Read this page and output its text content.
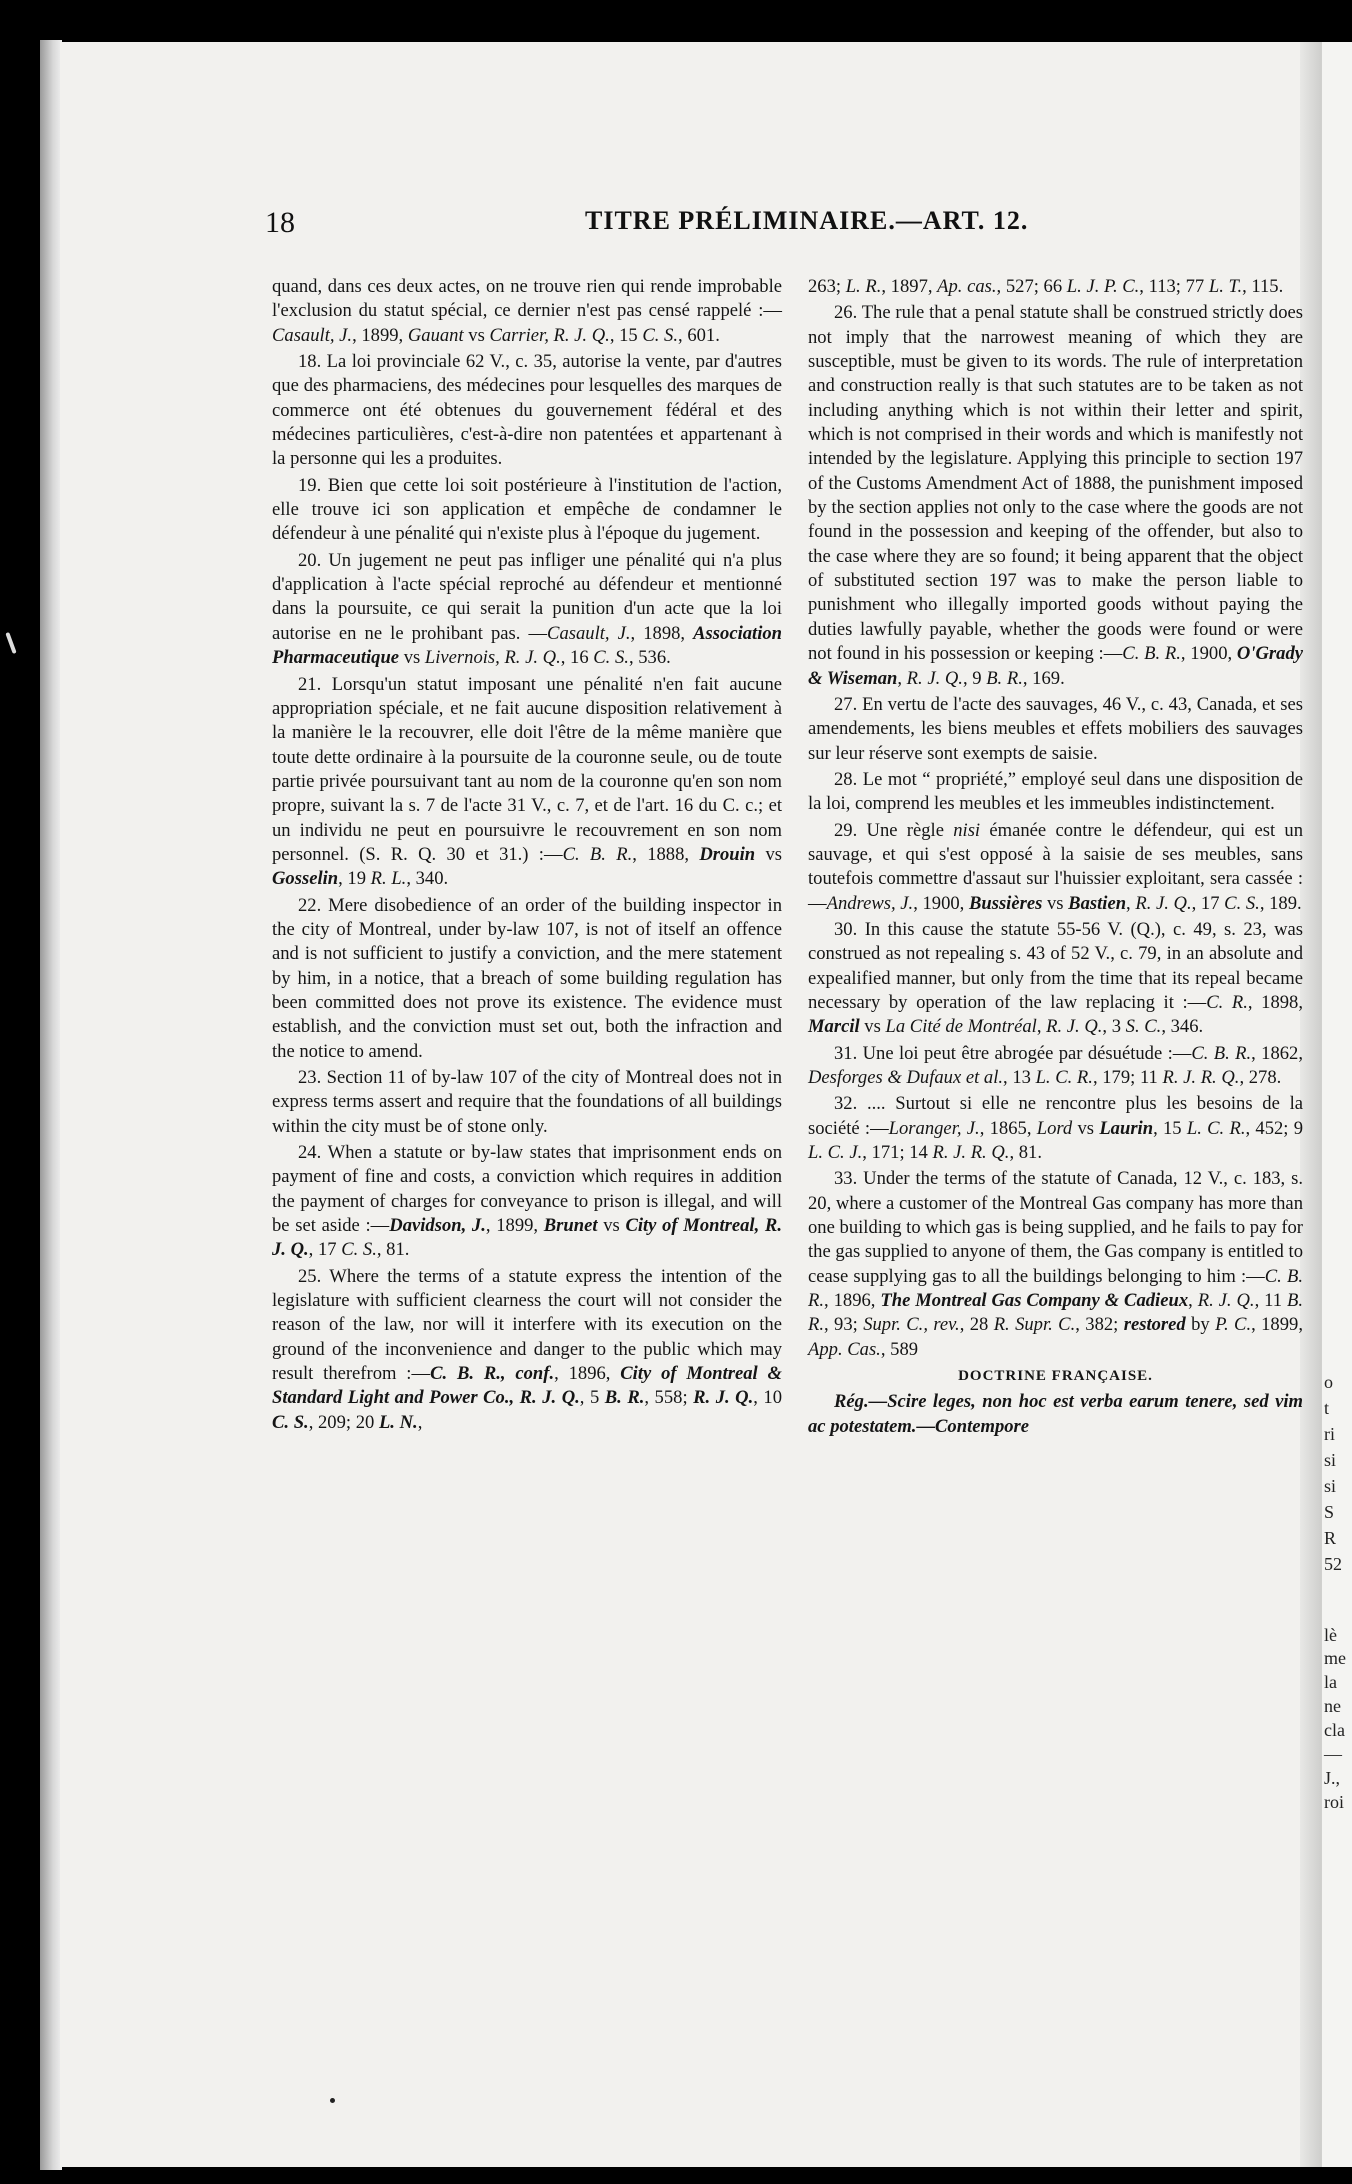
o
t
ri
si
si
S
R
52
lè
me
la
ne
cla
—
J.,
roi
18	TITRE PRÉLIMINAIRE.—ART. 12.

quand, dans ces deux actes, on ne trouve rien qui rende improbable l'exclusion du statut spécial, ce dernier n'est pas censé rappelé :—Casault, J., 1899, Gauant vs Carrier, R. J. Q., 15 C. S., 601.

18. La loi provinciale 62 V., c. 35, autorise la vente, par d'autres que des pharmaciens, des médecines pour lesquelles des marques de commerce ont été obtenues du gouvernement fédéral et des médecines particulières, c'est-à-dire non patentées et appartenant à la personne qui les a produites.

19. Bien que cette loi soit postérieure à l'institution de l'action, elle trouve ici son application et empêche de condamner le défendeur à une pénalité qui n'existe plus à l'époque du jugement.

20. Un jugement ne peut pas infliger une pénalité qui n'a plus d'application à l'acte spécial reproché au défendeur et mentionné dans la poursuite, ce qui serait la punition d'un acte que la loi autorise en ne le prohibant pas. —Casault, J., 1898, Association Pharmaceutique vs Livernois, R. J. Q., 16 C. S., 536.

21. Lorsqu'un statut imposant une pénalité n'en fait aucune appropriation spéciale, et ne fait aucune disposition relativement à la manière le la recouvrer, elle doit l'être de la même manière que toute dette ordinaire à la poursuite de la couronne seule, ou de toute partie privée poursuivant tant au nom de la couronne qu'en son nom propre, suivant la s. 7 de l'acte 31 V., c. 7, et de l'art. 16 du C. c.; et un individu ne peut en poursuivre le recouvrement en son nom personnel. (S. R. Q. 30 et 31.) :—C. B. R., 1888, Drouin vs Gosselin, 19 R. L., 340.

22. Mere disobedience of an order of the building inspector in the city of Montreal, under by-law 107, is not of itself an offence and is not sufficient to justify a conviction, and the mere statement by him, in a notice, that a breach of some building regulation has been committed does not prove its existence. The evidence must establish, and the conviction must set out, both the infraction and the notice to amend.

23. Section 11 of by-law 107 of the city of Montreal does not in express terms assert and require that the foundations of all buildings within the city must be of stone only.

24. When a statute or by-law states that imprisonment ends on payment of fine and costs, a conviction which requires in addition the payment of charges for conveyance to prison is illegal, and will be set aside :—Davidson, J., 1899, Brunet vs City of Montreal, R. J. Q., 17 C. S., 81.

25. Where the terms of a statute express the intention of the legislature with sufficient clearness the court will not consider the reason of the law, nor will it interfere with its execution on the ground of the inconvenience and danger to the public which may result therefrom :—C. B. R., conf., 1896, City of Montreal & Standard Light and Power Co., R. J. Q., 5 B. R., 558; R. J. Q., 10 C. S., 209; 20 L. N.,

263; L. R., 1897, Ap. cas., 527; 66 L. J. P. C., 113; 77 L. T., 115.

26. The rule that a penal statute shall be construed strictly does not imply that the narrowest meaning of which they are susceptible, must be given to its words. The rule of interpretation and construction really is that such statutes are to be taken as not including anything which is not within their letter and spirit, which is not comprised in their words and which is manifestly not intended by the legislature. Applying this principle to section 197 of the Customs Amendment Act of 1888, the punishment imposed by the section applies not only to the case where the goods are not found in the possession and keeping of the offender, but also to the case where they are so found; it being apparent that the object of substituted section 197 was to make the person liable to punishment who illegally imported goods without paying the duties lawfully payable, whether the goods were found or were not found in his possession or keeping :—C. B. R., 1900, O'Grady & Wiseman, R. J. Q., 9 B. R., 169.

27. En vertu de l'acte des sauvages, 46 V., c. 43, Canada, et ses amendements, les biens meubles et effets mobiliers des sauvages sur leur réserve sont exempts de saisie.

28. Le mot “ propriété,” employé seul dans une disposition de la loi, comprend les meubles et les immeubles indistinctement.

29. Une règle nisi émanée contre le défendeur, qui est un sauvage, et qui s'est opposé à la saisie de ses meubles, sans toutefois commettre d'assaut sur l'huissier exploitant, sera cassée : —Andrews, J., 1900, Bussières vs Bastien, R. J. Q., 17 C. S., 189.

30. In this cause the statute 55-56 V. (Q.), c. 49, s. 23, was construed as not repealing s. 43 of 52 V., c. 79, in an absolute and expealified manner, but only from the time that its repeal became necessary by operation of the law replacing it :—C. R., 1898, Marcil vs La Cité de Montréal, R. J. Q., 3 S. C., 346.

31. Une loi peut être abrogée par désuétude :—C. B. R., 1862, Desforges & Dufaux et al., 13 L. C. R., 179; 11 R. J. R. Q., 278.

32. .... Surtout si elle ne rencontre plus les besoins de la société :—Loranger, J., 1865, Lord vs Laurin, 15 L. C. R., 452; 9 L. C. J., 171; 14 R. J. R. Q., 81.

33. Under the terms of the statute of Canada, 12 V., c. 183, s. 20, where a customer of the Montreal Gas company has more than one building to which gas is being supplied, and he fails to pay for the gas supplied to anyone of them, the Gas company is entitled to cease supplying gas to all the buildings belonging to him :—C. B. R., 1896, The Montreal Gas Company & Cadieux, R. J. Q., 11 B. R., 93; Supr. C., rev., 28 R. Supr. C., 382; restored by P. C., 1899, App. Cas., 589

DOCTRINE FRANÇAISE.

Rég.—Scire leges, non hoc est verba earum tenere, sed vim ac potestatem.—Contempore
